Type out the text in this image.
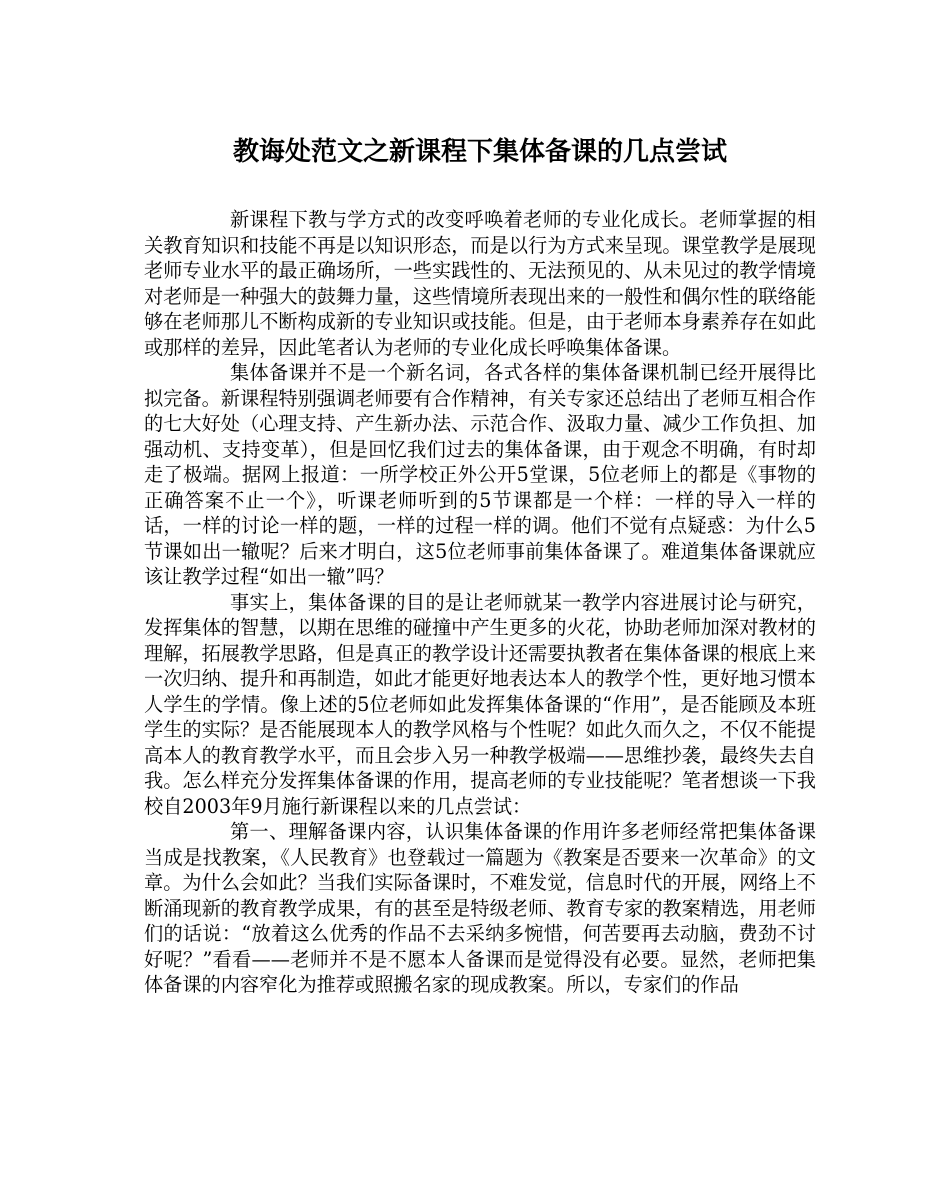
教诲处范文之新课程下集体备课的几点尝试

新课程下教与学方式的改变呼唤着老师的专业化成长。老师掌握的相关教育知识和技能不再是以知识形态，而是以行为方式来呈现。课堂教学是展现老师专业水平的最正确场所，一些实践性的、无法预见的、从未见过的教学情境对老师是一种强大的鼓舞力量，这些情境所表现出来的一般性和偶尔性的联络能够在老师那儿不断构成新的专业知识或技能。但是，由于老师本身素养存在如此或那样的差异，因此笔者认为老师的专业化成长呼唤集体备课。

集体备课并不是一个新名词，各式各样的集体备课机制已经开展得比拟完备。新课程特别强调老师要有合作精神，有关专家还总结出了老师互相合作的七大好处（心理支持、产生新办法、示范合作、汲取力量、减少工作负担、加强动机、支持变革），但是回忆我们过去的集体备课，由于观念不明确，有时却走了极端。据网上报道：一所学校正外公开5堂课，5位老师上的都是《事物的正确答案不止一个》，听课老师听到的5节课都是一个样：一样的导入一样的话，一样的讨论一样的题，一样的过程一样的调。他们不觉有点疑惑：为什么5节课如出一辙呢？后来才明白，这5位老师事前集体备课了。难道集体备课就应该让教学过程“如出一辙”吗？

事实上，集体备课的目的是让老师就某一教学内容进展讨论与研究，发挥集体的智慧，以期在思维的碰撞中产生更多的火花，协助老师加深对教材的理解，拓展教学思路，但是真正的教学设计还需要执教者在集体备课的根底上来一次归纳、提升和再制造，如此才能更好地表达本人的教学个性，更好地习惯本人学生的学情。像上述的5位老师如此发挥集体备课的“作用”，是否能顾及本班学生的实际？是否能展现本人的教学风格与个性呢？如此久而久之，不仅不能提高本人的教育教学水平，而且会步入另一种教学极端——思维抄袭，最终失去自我。怎么样充分发挥集体备课的作用，提高老师的专业技能呢？笔者想谈一下我校自2003年9月施行新课程以来的几点尝试：

第一、理解备课内容，认识集体备课的作用许多老师经常把集体备课当成是找教案，《人民教育》也登载过一篇题为《教案是否要来一次革命》的文章。为什么会如此？当我们实际备课时，不难发觉，信息时代的开展，网络上不断涌现新的教育教学成果，有的甚至是特级老师、教育专家的教案精选，用老师们的话说：“放着这么优秀的作品不去采纳多惋惜，何苦要再去动脑，费劲不讨好呢？”看看——老师并不是不愿本人备课而是觉得没有必要。显然，老师把集体备课的内容窄化为推荐或照搬名家的现成教案。所以，专家们的作品
